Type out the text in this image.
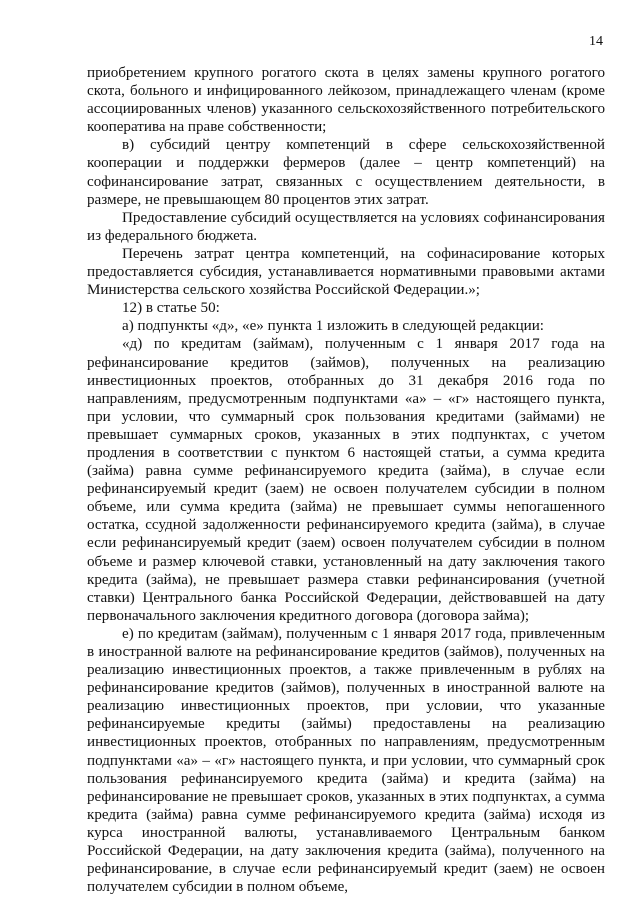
14

приобретением крупного рогатого скота в целях замены крупного рогатого скота, больного и инфицированного лейкозом, принадлежащего членам (кроме ассоциированных членов) указанного сельскохозяйственного потребительского кооператива на праве собственности;

в) субсидий центру компетенций в сфере сельскохозяйственной кооперации и поддержки фермеров (далее – центр компетенций) на софинансирование затрат, связанных с осуществлением деятельности, в размере, не превышающем 80 процентов этих затрат.

Предоставление субсидий осуществляется на условиях софинансирования из федерального бюджета.

Перечень затрат центра компетенций, на софинасирование которых предоставляется субсидия, устанавливается нормативными правовыми актами Министерства сельского хозяйства Российской Федерации.»;

12) в статье 50:

а) подпункты «д», «е» пункта 1 изложить в следующей редакции:

«д) по кредитам (займам), полученным с 1 января 2017 года на рефинансирование кредитов (займов), полученных на реализацию инвестиционных проектов, отобранных до 31 декабря 2016 года по направлениям, предусмотренным подпунктами «а» – «г» настоящего пункта, при условии, что суммарный срок пользования кредитами (займами) не превышает суммарных сроков, указанных в этих подпунктах, с учетом продления в соответствии с пунктом 6 настоящей статьи, а сумма кредита (займа) равна сумме рефинансируемого кредита (займа), в случае если рефинансируемый кредит (заем) не освоен получателем субсидии в полном объеме, или сумма кредита (займа) не превышает суммы непогашенного остатка, ссудной задолженности рефинансируемого кредита (займа), в случае если рефинансируемый кредит (заем) освоен получателем субсидии в полном объеме и размер ключевой ставки, установленный на дату заключения такого кредита (займа), не превышает размера ставки рефинансирования (учетной ставки) Центрального банка Российской Федерации, действовавшей на дату первоначального заключения кредитного договора (договора займа);

е) по кредитам (займам), полученным с 1 января 2017 года, привлеченным в иностранной валюте на рефинансирование кредитов (займов), полученных на реализацию инвестиционных проектов, а также привлеченным в рублях на рефинансирование кредитов (займов), полученных в иностранной валюте на реализацию инвестиционных проектов, при условии, что указанные рефинансируемые кредиты (займы) предоставлены на реализацию инвестиционных проектов, отобранных по направлениям, предусмотренным подпунктами «а» – «г» настоящего пункта, и при условии, что суммарный срок пользования рефинансируемого кредита (займа) и кредита (займа) на рефинансирование не превышает сроков, указанных в этих подпунктах, а сумма кредита (займа) равна сумме рефинансируемого кредита (займа) исходя из курса иностранной валюты, устанавливаемого Центральным банком Российской Федерации, на дату заключения кредита (займа), полученного на рефинансирование, в случае если рефинансируемый кредит (заем) не освоен получателем субсидии в полном объеме,
